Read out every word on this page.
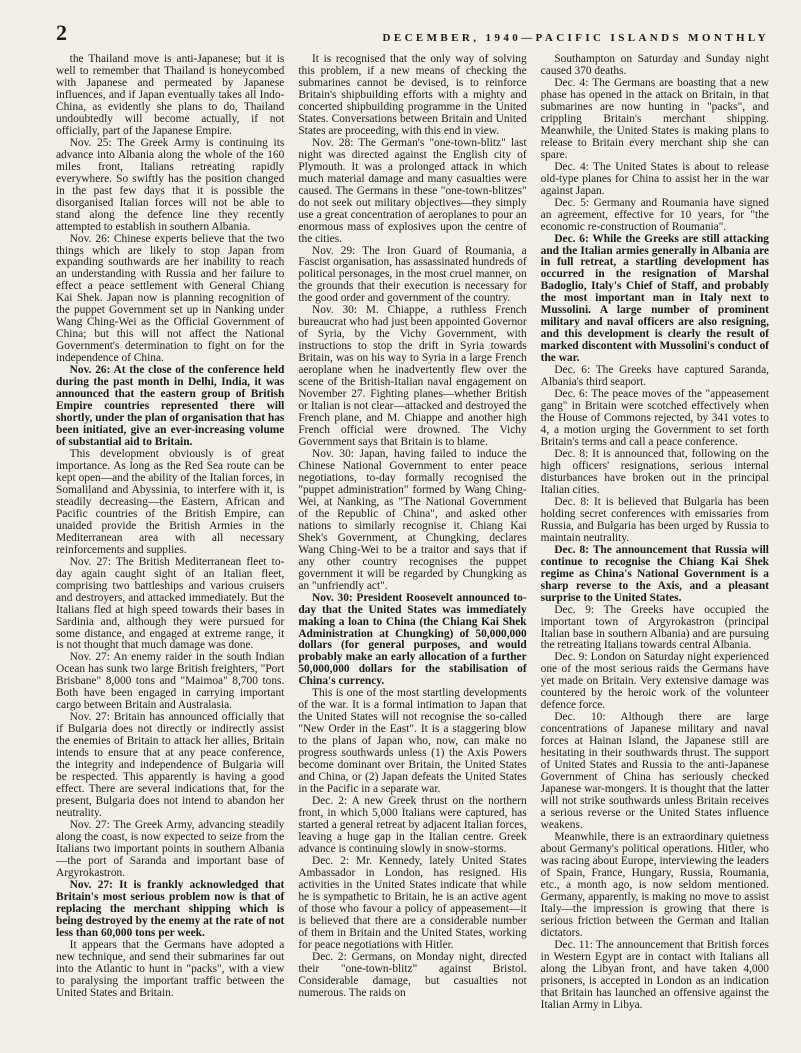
2	DECEMBER, 1940—PACIFIC ISLANDS MONTHLY

the Thailand move is anti-Japanese; but it is well to remember that Thailand is honeycombed with Japanese and permeated by Japanese influences, and if Japan eventually takes all Indo-China, as evidently she plans to do, Thailand undoubtedly will become actually, if not officially, part of the Japanese Empire.

Nov. 25: The Greek Army is continuing its advance into Albania along the whole of the 160 miles front, Italians retreating rapidly everywhere. So swiftly has the position changed in the past few days that it is possible the disorganised Italian forces will not be able to stand along the defence line they recently attempted to establish in southern Albania.

Nov. 26: Chinese experts believe that the two things which are likely to stop Japan from expanding southwards are her inability to reach an understanding with Russia and her failure to effect a peace settlement with General Chiang Kai Shek. Japan now is planning recognition of the puppet Government set up in Nanking under Wang Ching-Wei as the Official Government of China; but this will not affect the National Government's determination to fight on for the independence of China.

Nov. 26: At the close of the conference held during the past month in Delhi, India, it was announced that the eastern group of British Empire countries represented there will shortly, under the plan of organisation that has been initiated, give an ever-increasing volume of substantial aid to Britain.

This development obviously is of great importance. As long as the Red Sea route can be kept open—and the ability of the Italian forces, in Somaliland and Abyssinia, to interfere with it, is steadily decreasing—the Eastern, African and Pacific countries of the British Empire, can unaided provide the British Armies in the Mediterranean area with all necessary reinforcements and supplies.

Nov. 27: The British Mediterranean fleet to-day again caught sight of an Italian fleet, comprising two battleships and various cruisers and destroyers, and attacked immediately. But the Italians fled at high speed towards their bases in Sardinia and, although they were pursued for some distance, and engaged at extreme range, it is not thought that much damage was done.

Nov. 27: An enemy raider in the south Indian Ocean has sunk two large British freighters, "Port Brisbane" 8,000 tons and "Maimoa" 8,700 tons. Both have been engaged in carrying important cargo between Britain and Australasia.

Nov. 27: Britain has announced officially that if Bulgaria does not directly or indirectly assist the enemies of Britain to attack her allies, Britain intends to ensure that at any peace conference, the integrity and independence of Bulgaria will be respected. This apparently is having a good effect. There are several indications that, for the present, Bulgaria does not intend to abandon her neutrality.

Nov. 27: The Greek Army, advancing steadily along the coast, is now expected to seize from the Italians two important points in southern Albania—the port of Saranda and important base of Argyrokastron.

Nov. 27: It is frankly acknowledged that Britain's most serious problem now is that of replacing the merchant shipping which is being destroyed by the enemy at the rate of not less than 60,000 tons per week.

It appears that the Germans have adopted a new technique, and send their submarines far out into the Atlantic to hunt in "packs", with a view to paralysing the important traffic between the United States and Britain.

It is recognised that the only way of solving this problem, if a new means of checking the submarines cannot be devised, is to reinforce Britain's shipbuilding efforts with a mighty and concerted shipbuilding programme in the United States. Conversations between Britain and United States are proceeding, with this end in view.

Nov. 28: The German's "one-town-blitz" last night was directed against the English city of Plymouth. It was a prolonged attack in which much material damage and many casualties were caused. The Germans in these "one-town-blitzes" do not seek out military objectives—they simply use a great concentration of aeroplanes to pour an enormous mass of explosives upon the centre of the cities.

Nov. 29: The Iron Guard of Roumania, a Fascist organisation, has assassinated hundreds of political personages, in the most cruel manner, on the grounds that their execution is necessary for the good order and government of the country.

Nov. 30: M. Chiappe, a ruthless French bureaucrat who had just been appointed Governor of Syria, by the Vichy Government, with instructions to stop the drift in Syria towards Britain, was on his way to Syria in a large French aeroplane when he inadvertently flew over the scene of the British-Italian naval engagement on November 27. Fighting planes—whether British or Italian is not clear—attacked and destroyed the French plane, and M. Chiappe and another high French official were drowned. The Vichy Government says that Britain is to blame.

Nov. 30: Japan, having failed to induce the Chinese National Government to enter peace negotiations, to-day formally recognised the "puppet administration" formed by Wang Ching-Wei, at Nanking, as "The National Government of the Republic of China", and asked other nations to similarly recognise it. Chiang Kai Shek's Government, at Chungking, declares Wang Ching-Wei to be a traitor and says that if any other country recognises the puppet government it will be regarded by Chungking as an "unfriendly act".

Nov. 30: President Roosevelt announced to-day that the United States was immediately making a loan to China (the Chiang Kai Shek Administration at Chungking) of 50,000,000 dollars (for general purposes, and would probably make an early allocation of a further 50,000,000 dollars for the stabilisation of China's currency.

This is one of the most startling developments of the war. It is a formal intimation to Japan that the United States will not recognise the so-called "New Order in the East". It is a staggering blow to the plans of Japan who, now, can make no progress southwards unless (1) the Axis Powers become dominant over Britain, the United States and China, or (2) Japan defeats the United States in the Pacific in a separate war.

Dec. 2: A new Greek thrust on the northern front, in which 5,000 Italians were captured, has started a general retreat by adjacent Italian forces, leaving a huge gap in the Italian centre. Greek advance is continuing slowly in snow-storms.

Dec. 2: Mr. Kennedy, lately United States Ambassador in London, has resigned. His activities in the United States indicate that while he is sympathetic to Britain, he is an active agent of those who favour a policy of appeasement—it is believed that there are a considerable number of them in Britain and the United States, working for peace negotiations with Hitler.

Dec. 2: Germans, on Monday night, directed their "one-town-blitz" against Bristol. Considerable damage, but casualties not numerous. The raids on

Southampton on Saturday and Sunday night caused 370 deaths.

Dec. 4: The Germans are boasting that a new phase has opened in the attack on Britain, in that submarines are now hunting in "packs", and crippling Britain's merchant shipping. Meanwhile, the United States is making plans to release to Britain every merchant ship she can spare.

Dec. 4: The United States is about to release old-type planes for China to assist her in the war against Japan.

Dec. 5: Germany and Roumania have signed an agreement, effective for 10 years, for "the economic re-construction of Roumania".

Dec. 6: While the Greeks are still attacking and the Italian armies generally in Albania are in full retreat, a startling development has occurred in the resignation of Marshal Badoglio, Italy's Chief of Staff, and probably the most important man in Italy next to Mussolini. A large number of prominent military and naval officers are also resigning, and this development is clearly the result of marked discontent with Mussolini's conduct of the war.

Dec. 6: The Greeks have captured Saranda, Albania's third seaport.

Dec. 6: The peace moves of the "appeasement gang" in Britain were scotched effectively when the House of Commons rejected, by 341 votes to 4, a motion urging the Government to set forth Britain's terms and call a peace conference.

Dec. 8: It is announced that, following on the high officers' resignations, serious internal disturbances have broken out in the principal Italian cities.

Dec. 8: It is believed that Bulgaria has been holding secret conferences with emissaries from Russia, and Bulgaria has been urged by Russia to maintain neutrality.

Dec. 8: The announcement that Russia will continue to recognise the Chiang Kai Shek regime as China's National Government is a sharp reverse to the Axis, and a pleasant surprise to the United States.

Dec. 9: The Greeks have occupied the important town of Argyrokastron (principal Italian base in southern Albania) and are pursuing the retreating Italians towards central Albania.

Dec. 9: London on Saturday night experienced one of the most serious raids the Germans have yet made on Britain. Very extensive damage was countered by the heroic work of the volunteer defence force.

Dec. 10: Although there are large concentrations of Japanese military and naval forces at Hainan Island, the Japanese still are hesitating in their southwards thrust. The support of United States and Russia to the anti-Japanese Government of China has seriously checked Japanese war-mongers. It is thought that the latter will not strike southwards unless Britain receives a serious reverse or the United States influence weakens.

Meanwhile, there is an extraordinary quietness about Germany's political operations. Hitler, who was racing about Europe, interviewing the leaders of Spain, France, Hungary, Russia, Roumania, etc., a month ago, is now seldom mentioned. Germany, apparently, is making no move to assist Italy—the impression is growing that there is serious friction between the German and Italian dictators.

Dec. 11: The announcement that British forces in Western Egypt are in contact with Italians all along the Libyan front, and have taken 4,000 prisoners, is accepted in London as an indication that Britain has launched an offensive against the Italian Army in Libya.
